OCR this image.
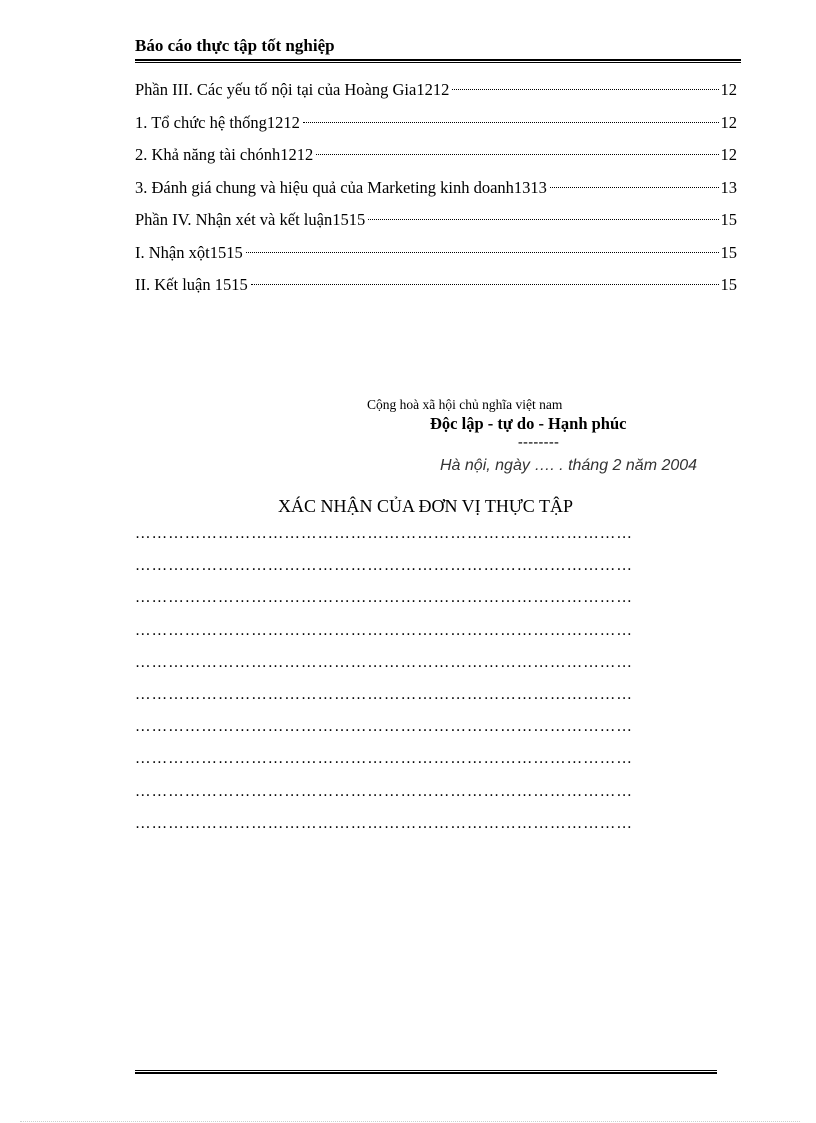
Báo cáo thực tập tốt nghiệp
Phần III. Các yếu tố nội tại của Hoàng Gia1212	12
1. Tổ chức hệ thống1212	12
2. Khả năng tài chónh1212	12
3. Đánh giá chung và hiệu quả của Marketing kinh doanh1313	13
Phần IV. Nhận xét và kết luận1515	15
I. Nhận xột1515	15
II. Kết luận 1515	15
Cộng hoà xã hội chủ nghĩa việt nam
Độc lập - tự do - Hạnh phúc
--------
Hà nội, ngày …. . tháng 2 năm 2004
XÁC NHẬN CỦA ĐƠN VỊ THỰC TẬP
………………………………………………………………………………
………………………………………………………………………………
………………………………………………………………………………
………………………………………………………………………………
………………………………………………………………………………
………………………………………………………………………………
………………………………………………………………………………
………………………………………………………………………………
………………………………………………………………………………
………………………………………………………………………………
